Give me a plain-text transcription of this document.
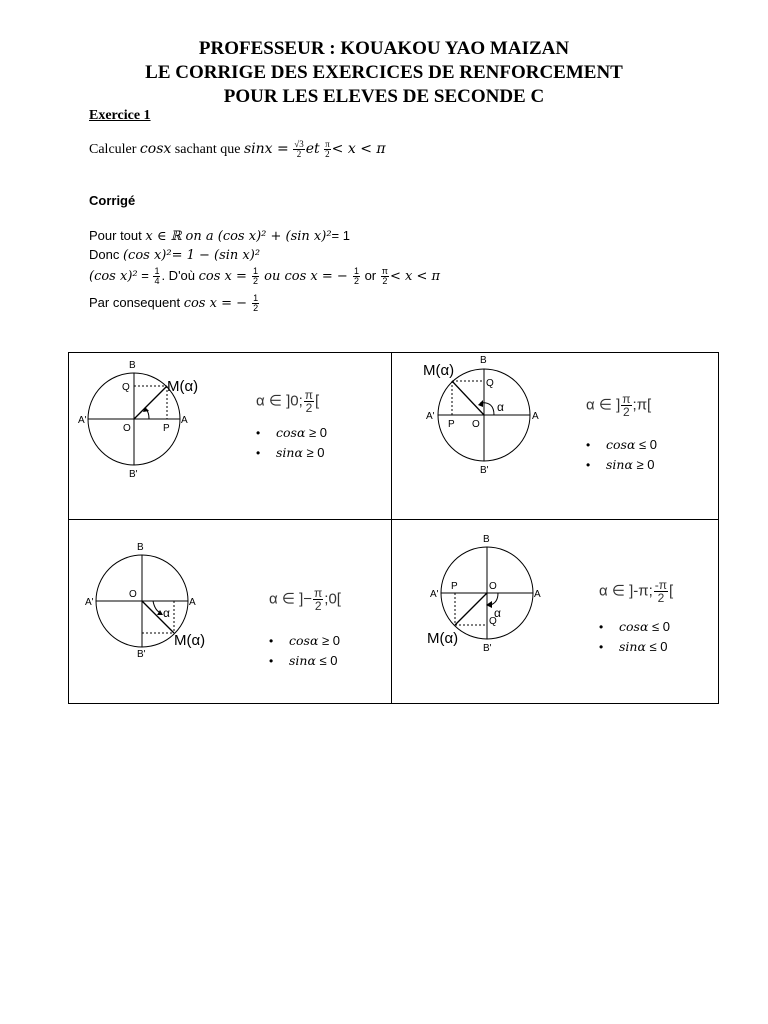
PROFESSEUR : KOUAKOU YAO MAIZAN
LE CORRIGE DES EXERCICES DE RENFORCEMENT
POUR LES ELEVES DE SECONDE C
Exercice 1
Calculer cosx sachant que $\sin x = \frac{√3}{2}$ et $\frac{\pi}{2} < x < \pi$
Corrigé
Pour tout x ∈ ℝ on a (cos x)² + (sin x)²= 1
Donc (cos x)²= 1 − (sin x)²
(cos $x)^2 = \frac{1}{4}$ . D'où $\cos x = \frac{1}{2}$ ou cos x = − $\frac{1}{2}$ or $\frac{\pi}{2} < x < \pi$
Par consequent cos x = − $\frac{1}{2}$
B
B'
A'	A
O	P
Q M(α)
α ∈ ]0; $\frac{\pi}{2}$ [
• cosα ≥ 0
• sinα ≥ 0
B
B'
A'	A
O
P
Q
α
M(α)
α ∈ ] $\frac{\pi}{2}$ ;π[
• cosα ≤ 0
• sinα ≥ 0
B
B'
A'	A
O
α
M(α)
α ∈ ]− $\frac{\pi}{2}$ ;0[
• cosα ≥ 0
• sinα ≤ 0
B
B'
A'	A
O
P
Q
α
M(α)
α ∈ ]-π; $\frac{-\pi}{2}$ [
• cosα ≤ 0
• sinα ≤ 0
